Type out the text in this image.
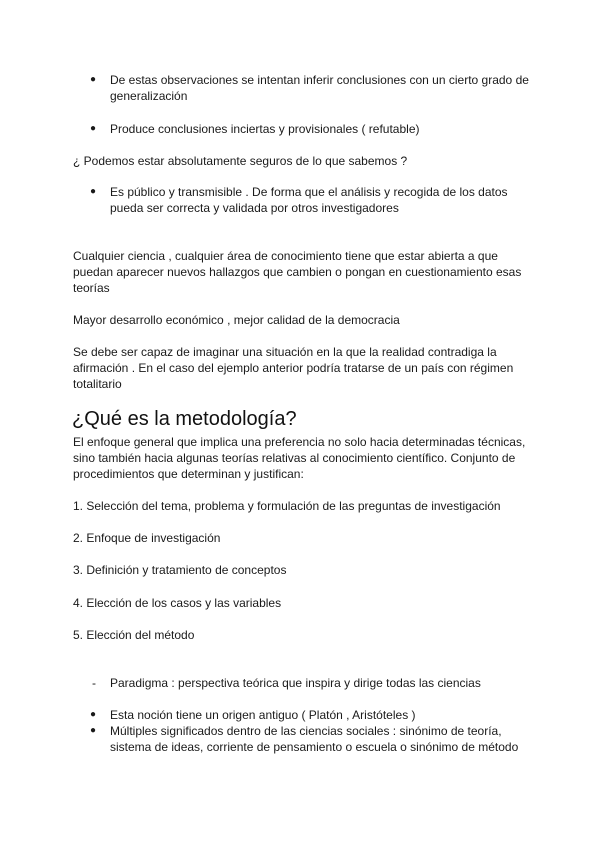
●	De estas observaciones se intentan inferir conclusiones con un cierto grado de generalización
●	Produce conclusiones inciertas y provisionales ( refutable)
¿ Podemos estar absolutamente seguros de lo que sabemos ?
●	Es público y transmisible . De forma que el análisis y recogida de los datos pueda ser correcta y validada por otros investigadores
Cualquier ciencia , cualquier área de conocimiento tiene que estar abierta a que puedan aparecer nuevos hallazgos que cambien o pongan en cuestionamiento esas teorías
Mayor desarrollo económico , mejor calidad de la democracia
Se debe ser capaz de imaginar una situación en la que la realidad contradiga la afirmación . En el caso del ejemplo anterior podría tratarse de un país con régimen totalitario
¿Qué es la metodología?
El enfoque general que implica una preferencia no solo hacia determinadas técnicas, sino también hacia algunas teorías relativas al conocimiento científico. Conjunto de procedimientos que determinan y justifican:
1. Selección del tema, problema y formulación de las preguntas de investigación
2. Enfoque de investigación
3. Definición y tratamiento de conceptos
4. Elección de los casos y las variables
5. Elección del método
- Paradigma : perspectiva teórica que inspira y dirige todas las ciencias
●	Esta noción tiene un origen antiguo ( Platón , Aristóteles )
●	Múltiples significados dentro de las ciencias sociales : sinónimo de teoría, sistema de ideas, corriente de pensamiento o escuela o sinónimo de método
